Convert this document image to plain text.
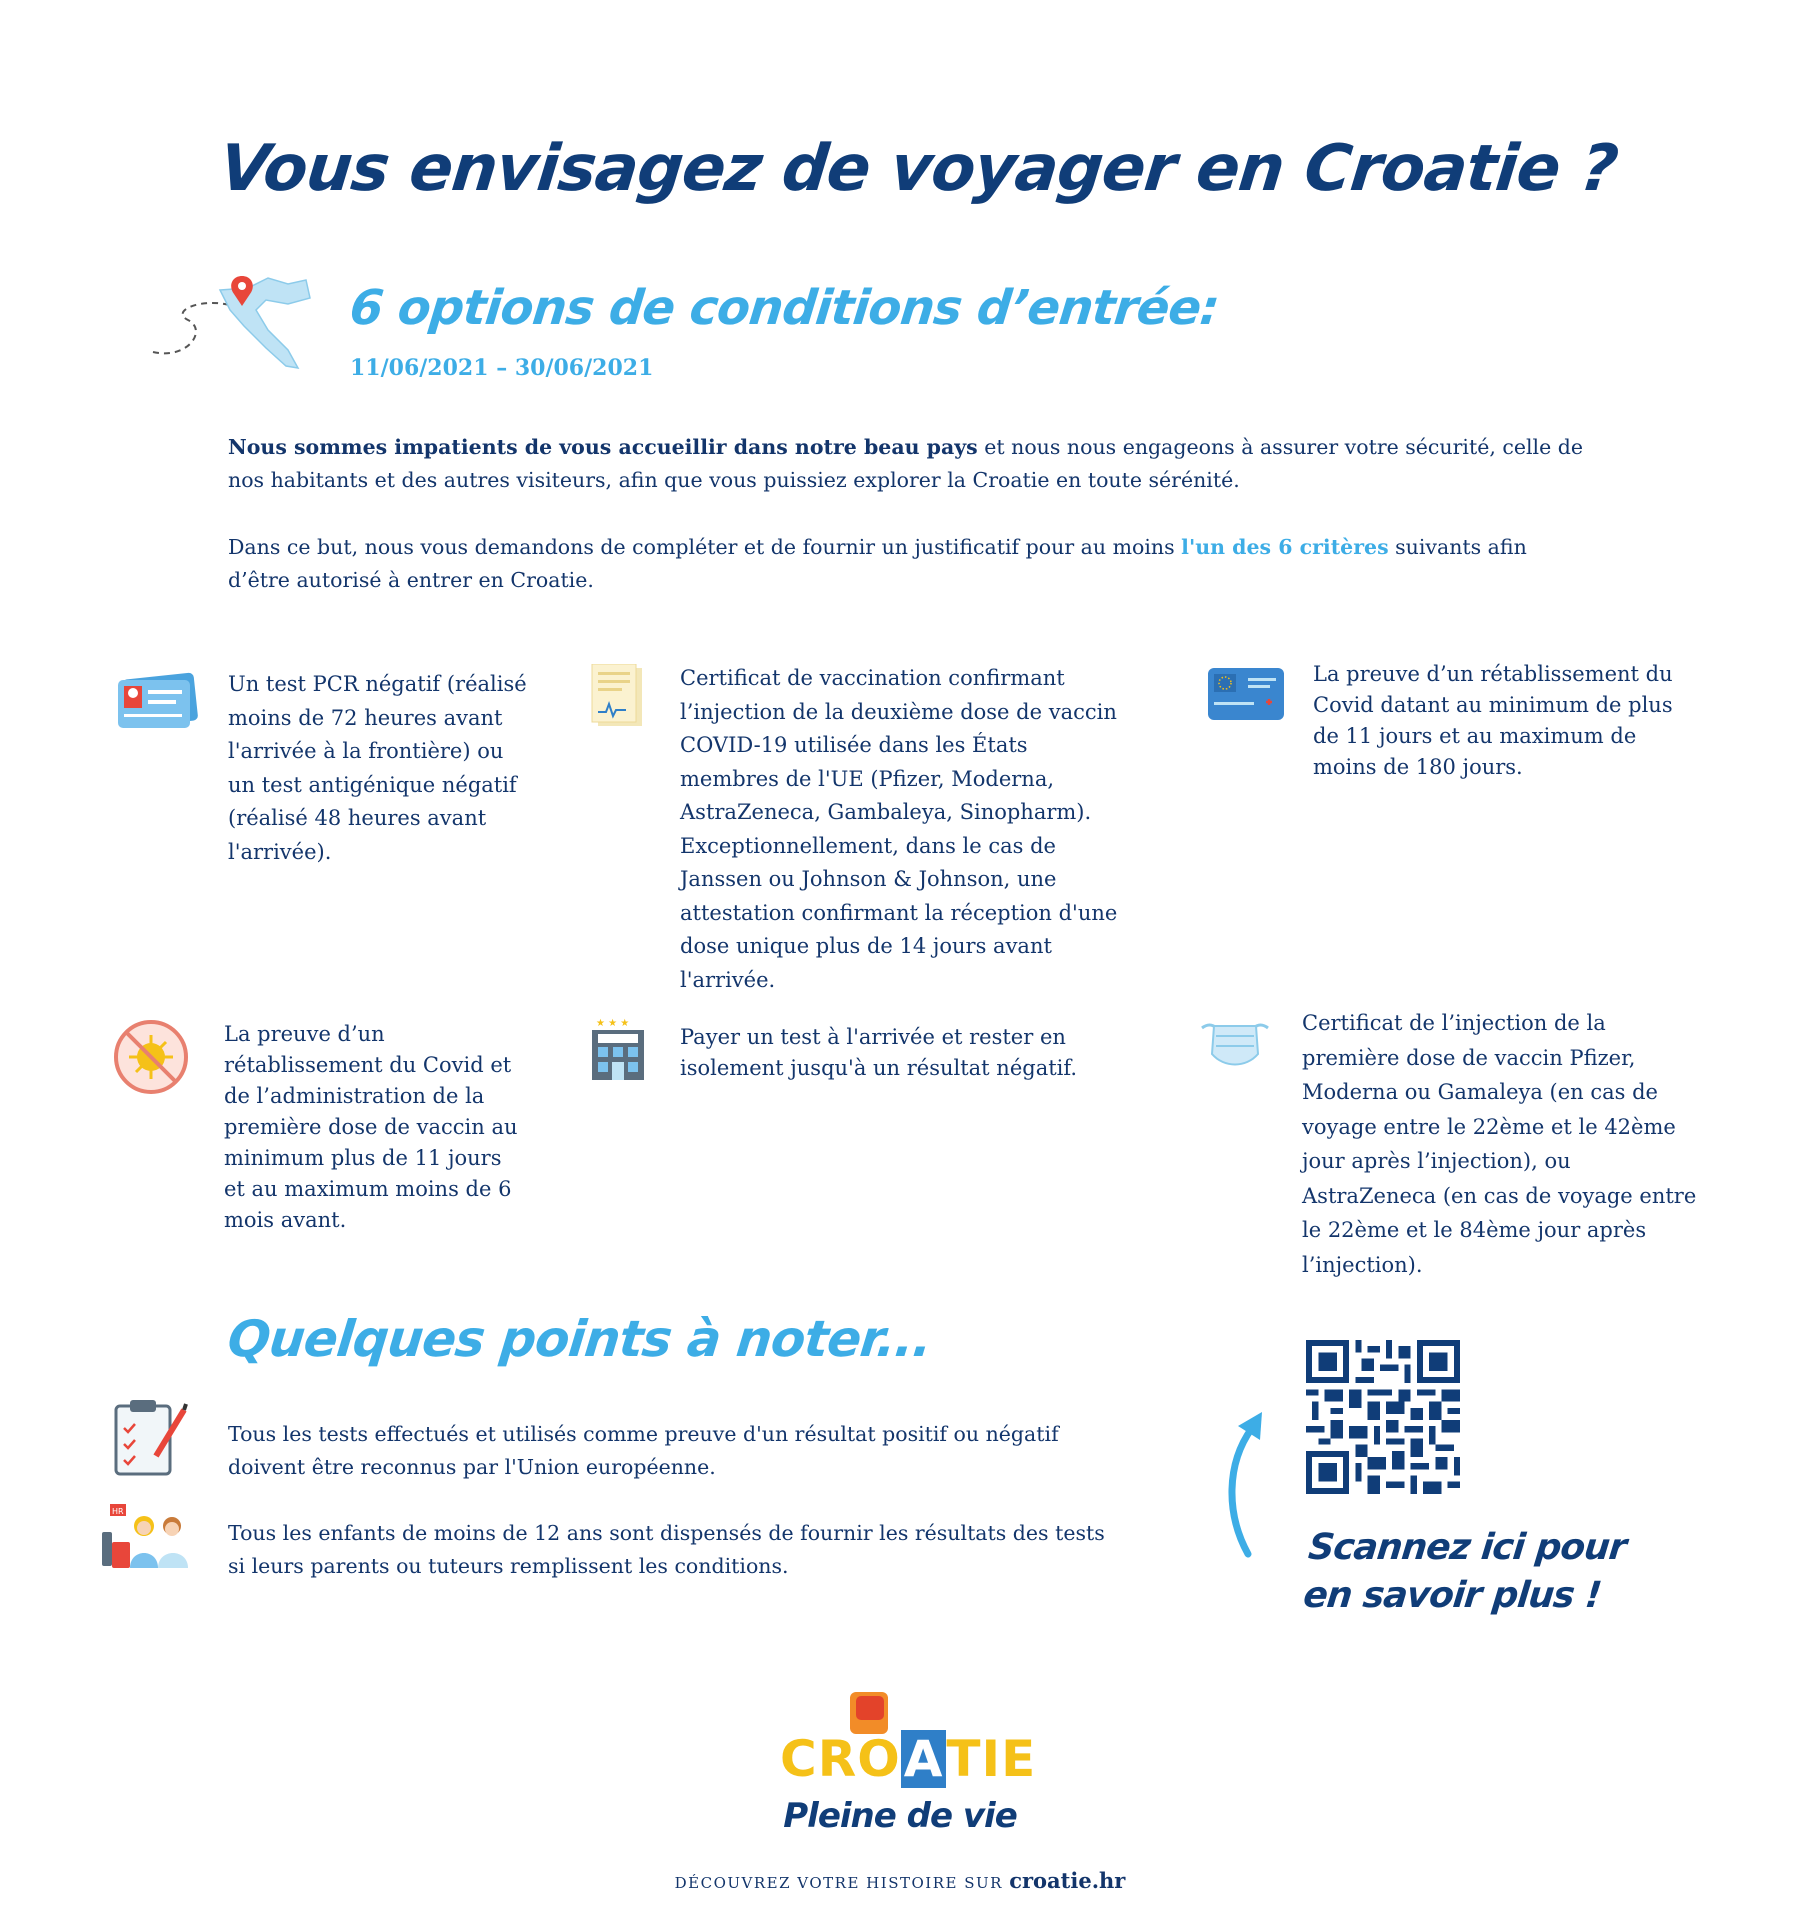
Vous envisagez de voyager en Croatie ?
6 options de conditions d’entrée:
11/06/2021 – 30/06/2021
Nous sommes impatients de vous accueillir dans notre beau pays et nous nous engageons à assurer votre sécurité, celle de nos habitants et des autres visiteurs, afin que vous puissiez explorer la Croatie en toute sérénité.
Dans ce but, nous vous demandons de compléter et de fournir un justificatif pour au moins l'un des 6 critères suivants afin d’être autorisé à entrer en Croatie.
Un test PCR négatif (réalisé moins de 72 heures avant l'arrivée à la frontière) ou un test antigénique négatif (réalisé 48 heures avant l'arrivée).
Certificat de vaccination confirmant l’injection de la deuxième dose de vaccin COVID-19 utilisée dans les États membres de l'UE (Pfizer, Moderna, AstraZeneca, Gambaleya, Sinopharm). Exceptionnellement, dans le cas de Janssen ou Johnson & Johnson, une attestation confirmant la réception d'une dose unique plus de 14 jours avant l'arrivée.
La preuve d’un rétablissement du Covid datant au minimum de plus de 11 jours et au maximum de moins de 180 jours.
La preuve d’un rétablissement du Covid et de l’administration de la première dose de vaccin au minimum plus de 11 jours et au maximum moins de 6 mois avant.
★ ★ ★
Payer un test à l'arrivée et rester en isolement jusqu'à un résultat négatif.
Certificat de l’injection de la première dose de vaccin Pfizer, Moderna ou Gamaleya (en cas de voyage entre le 22ème et le 42ème jour après l’injection), ou AstraZeneca (en cas de voyage entre le 22ème et le 84ème jour après l’injection).
Quelques points à noter...
Tous les tests effectués et utilisés comme preuve d'un résultat positif ou négatif doivent être reconnus par l'Union européenne.
HR
Tous les enfants de moins de 12 ans sont dispensés de fournir les résultats des tests si leurs parents ou tuteurs remplissent les conditions.	Scannez ici pour
en savoir plus !
CROATIE
Pleine de vie
DÉCOUVREZ VOTRE HISTOIRE SUR croatie.hr
